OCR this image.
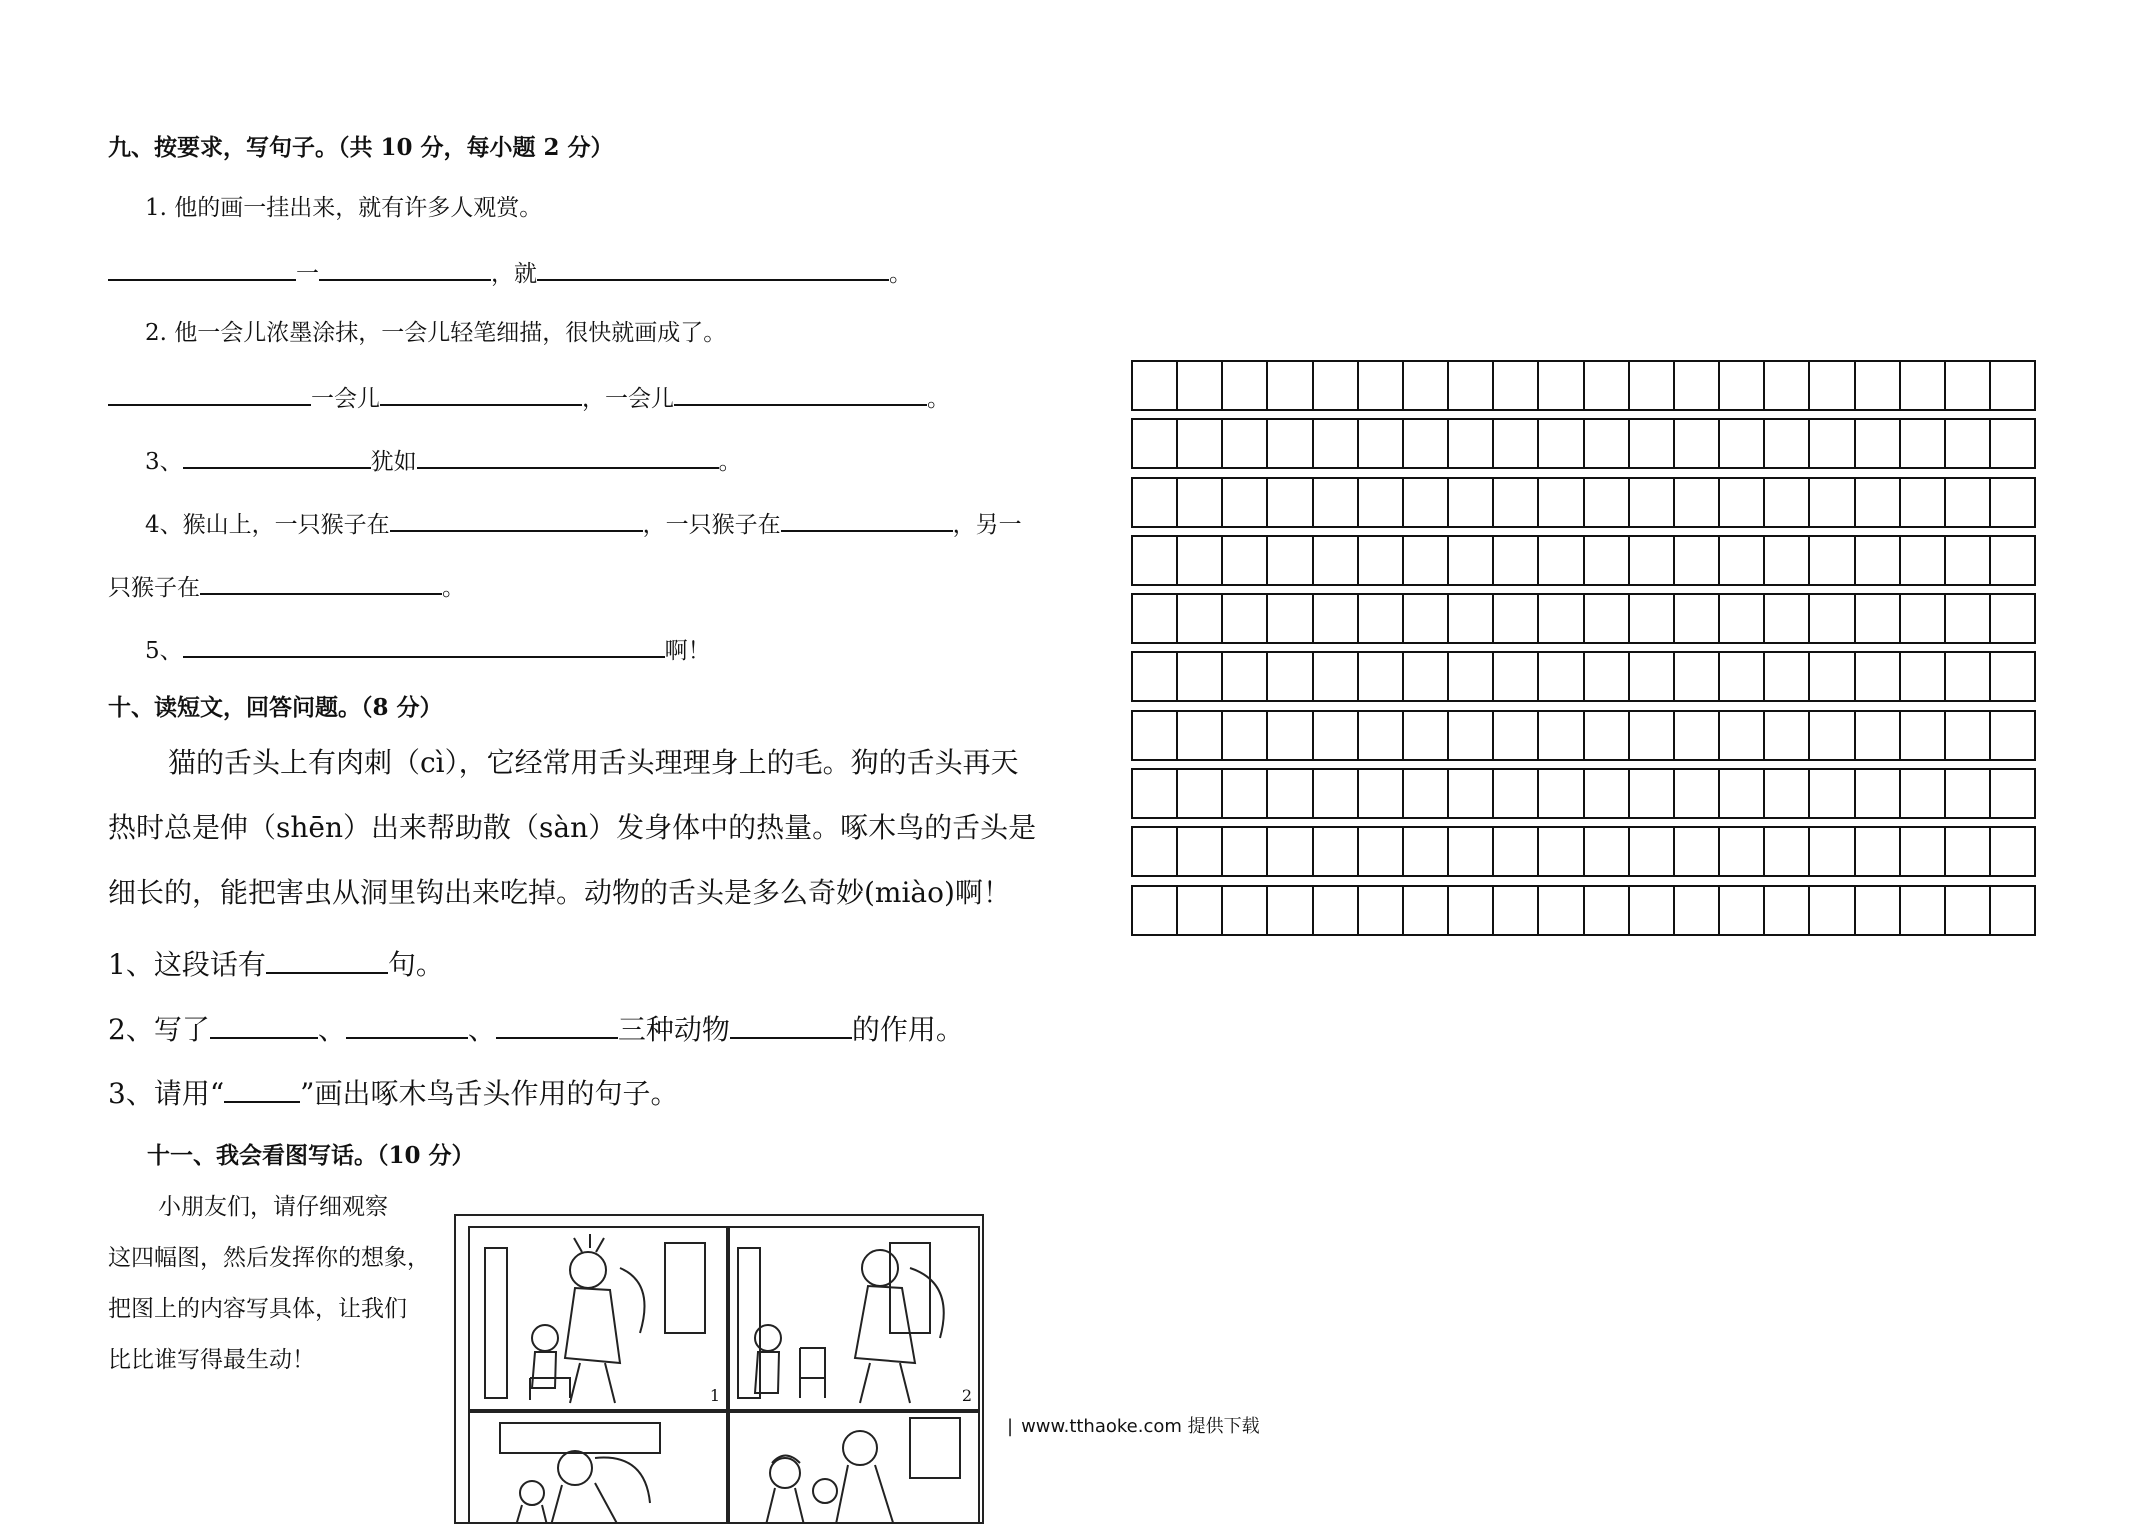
九、按要求，写句子。（共 10 分，每小题 2 分）
1. 他的画一挂出来，就有许多人观赏。
一	，就	。
2. 他一会儿浓墨涂抹，一会儿轻笔细描，很快就画成了。
一会儿	，一会儿	。
3、	犹如	。
4、猴山上，一只猴子在	，一只猴子在	，另一
只猴子在	。
5、	啊！
十、读短文，回答问题。（8 分）
猫的舌头上有肉刺（cì），它经常用舌头理理身上的毛。狗的舌头再天
热时总是伸（shēn）出来帮助散（sàn）发身体中的热量。啄木鸟的舌头是
细长的，能把害虫从洞里钩出来吃掉。动物的舌头是多么奇妙(miào)啊！
1、这段话有	句。
2、写了	、	、	三种动物	的作用。
3、请用“	”画出啄木鸟舌头作用的句子。
十一、我会看图写话。（10 分）
小朋友们，请仔细观察
这四幅图，然后发挥你的想象，
把图上的内容写具体，让我们
比比谁写得最生动！
1	2
| www.tthaoke.com 提供下载
